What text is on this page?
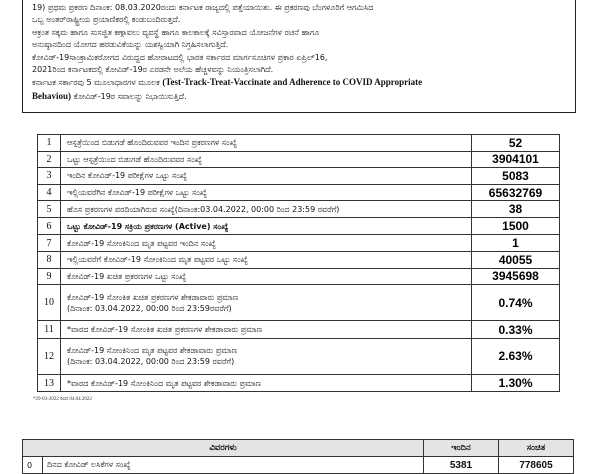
19) ಪ್ರಥಮ ಪ್ರಕರಣ ದಿನಾಂಕ: 08.03.2020ರಂದು ಕರ್ನಾಟಕ ರಾಜ್ಯದಲ್ಲಿ ಪತ್ತೆಯಾಯಿತು. ಈ ಪ್ರಕರಣವು ಬೆಂಗಳೂರಿಗೆ ಆಗಮಿಸಿದ

ಒಬ್ಬ ಅಂತರ್‌ರಾಷ್ಟ್ರೀಯ ಪ್ರಯಾಣಿಕರಲ್ಲಿ ಕಂಡುಬಂದಿರುತ್ತದೆ.

ಆಕ್ರಂತ ಸಕ್ಕಮ ಹಾಗೂ ಸುಸಜ್ಜಿತ ಕಣ್ಗಾವಲು ವ್ಯವಸ್ಥೆ ಹಾಗೂ ಕಾಲಕಾಲಕ್ಕೆ ಸವಿಸ್ತಾರವಾದ ಯೋಜನೆಗಳ ರಚನೆ ಹಾಗೂ

ಅನುಷ್ಠಾನದಿಂದ ಯೋಗದ ಹರಡುವಿಕೆಯನ್ನು ಯಶಸ್ವಿಯಾಗಿ ನಿಗ್ರಹಿಸಲಾಗುತ್ತಿದೆ.

ಕೋವಿಡ್-19ಸಾಂಕ್ರಾಮಿಕರೋಗದ ವಿರುದ್ದದ ಹೋರಾಟದಲ್ಲಿ ಭಾರತ ಸರ್ಕಾರದ ಮಾರ್ಗಸೂಚಿಗಳ ಪ್ರಕಾರ ಏಪ್ರಿಲ್16,

2021ರಿಂದ ಕರ್ನಾಟಕದಲ್ಲಿ ಕೋವಿಡ್-19ರ ಎರಡನೇ ಅಲೆಯ ಹೆಚ್ಚಳವನ್ನು ನಿಯಂತ್ರಿಸಲಾಗಿದೆ.

ಕರ್ನಾಟಕ ಸರ್ಕಾರವು 5 ಮೂಲಾಧಾರಗಳ ಮೂಲಕ (Test-Track-Treat-Vaccinate and Adherence to COVID Appropriate

Behaviou) ಕೋವಿಡ್-19ರ ಸವಾಲನ್ನು ನಿಭಾಯಿಸುತ್ತಿದೆ.

1	ಆಸ್ಪತ್ರೆಯಿಂದ ಬಿಡುಗಡೆ ಹೊಂದಿರುವವರ ಇಂದಿನ ಪ್ರಕರಣಗಳ ಸಂಖ್ಯೆ	52
2	ಒಟ್ಟು ಆಸ್ಪತ್ರೆಯಿಂದ ಬಿಡುಗಡೆ ಹೊಂದಿರುವವರ ಸಂಖ್ಯೆ	3904101
3	ಇಂದಿನ ಕೋವಿಡ್-19 ಪರೀಕ್ಷೆಗಳ ಒಟ್ಟು ಸಂಖ್ಯೆ	5083
4	ಇಲ್ಲಿಯವರೆಗಿನ ಕೋವಿಡ್-19 ಪರೀಕ್ಷೆಗಳ ಒಟ್ಟು ಸಂಖ್ಯೆ	65632769
5	ಹೊಸ ಪ್ರಕರಣಗಳ ವರದಿಯಾಗಿರುವ ಸಂಖ್ಯೆ(ದಿನಾಂಕ:03.04.2022, 00:00 ರಿಂದ 23:59 ರವರೆಗೆ)	38
6	ಒಟ್ಟು ಕೋವಿಡ್-19 ಸಕ್ರಿಯ ಪ್ರಕರಣಗಳ (Active) ಸಂಖ್ಯೆ	1500
7	ಕೋವಿಡ್-19 ಸೋಂಕಿನಿಂದ ಮೃತ ಪಟ್ಟವರ ಇಂದಿನ ಸಂಖ್ಯೆ	1
8	ಇಲ್ಲಿಯವರೆಗೆ ಕೋವಿಡ್-19 ಸೋಂಕಿನಿಂದ ಮೃತ ಪಟ್ಟವರ ಒಟ್ಟು ಸಂಖ್ಯೆ	40055
9	ಕೋವಿಡ್-19 ಖಚಿತ ಪ್ರಕರಣಗಳ ಒಟ್ಟು ಸಂಖ್ಯೆ	3945698
10	ಕೋವಿಡ್-19 ಸೋಂಕಿತ ಖಚಿತ ಪ್ರಕರಣಗಳ ಶೇಕಡಾವಾರು ಪ್ರಮಾಣ
(ದಿನಾಂಕ: 03.04.2022, 00:00 ರಿಂದ 23:59ರವರೆಗೆ)	0.74%
11	*ವಾರದ ಕೋವಿಡ್-19 ಸೋಂಕಿತ ಖಚಿತ ಪ್ರಕರಣಗಳ ಶೇಕಡಾವಾರು ಪ್ರಮಾಣ	0.33%
12	ಕೋವಿಡ್-19 ಸೋಂಕಿನಿಂದ ಮೃತ ಪಟ್ಟವರ ಶೇಕಡಾವಾರು ಪ್ರಮಾಣ
(ದಿನಾಂಕ: 03.04.2022, 00:00 ರಿಂದ 23:59 ರವರೆಗೆ)	2.63%
13	*ವಾರದ ಕೋವಿಡ್-19 ಸೋಂಕಿನಿಂದ ಮೃತ ಪಟ್ಟವರ ಶೇಕಡಾವಾರು ಪ್ರಮಾಣ	1.30%
*29-03-2022 ರಿಂದ 04.04.2022
ವಿವರಗಳು		ಇಂದಿನ	ಸಂಚಿತ
0	ದಿನದ ಕೋವಿಡ್ ಲಸಿಕೆಗಳ ಸಂಖ್ಯೆ	5381	778605
